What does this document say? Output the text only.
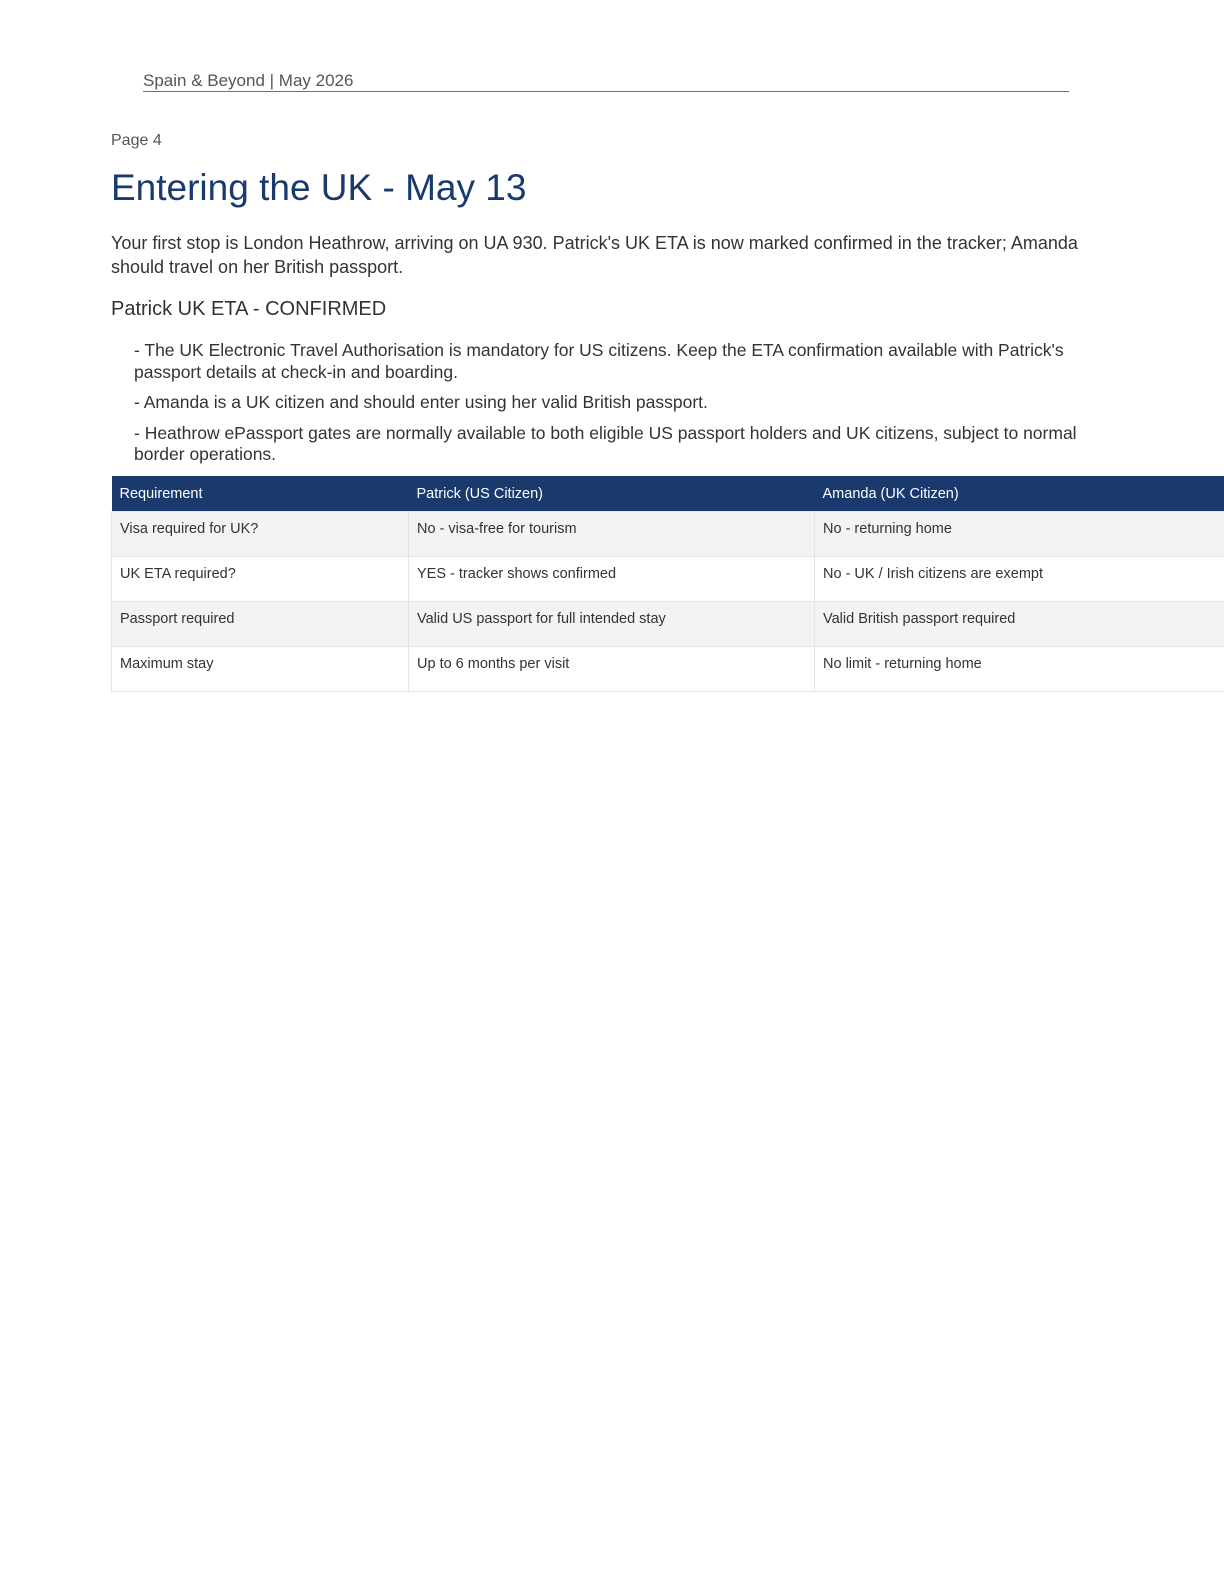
Spain & Beyond | May 2026
Page 4
Entering the UK - May 13

Your first stop is London Heathrow, arriving on UA 930. Patrick's UK ETA is now marked confirmed in the tracker; Amanda should travel on her British passport.

Patrick UK ETA - CONFIRMED
- The UK Electronic Travel Authorisation is mandatory for US citizens. Keep the ETA confirmation available with Patrick's passport details at check-in and boarding.
- Amanda is a UK citizen and should enter using her valid British passport.
- Heathrow ePassport gates are normally available to both eligible US passport holders and UK citizens, subject to normal border operations.
Requirement	Patrick (US Citizen)	Amanda (UK Citizen)
Visa required for UK?	No - visa-free for tourism	No - returning home
UK ETA required?	YES - tracker shows confirmed	No - UK / Irish citizens are exempt
Passport required	Valid US passport for full intended stay	Valid British passport required
Maximum stay	Up to 6 months per visit	No limit - returning home
